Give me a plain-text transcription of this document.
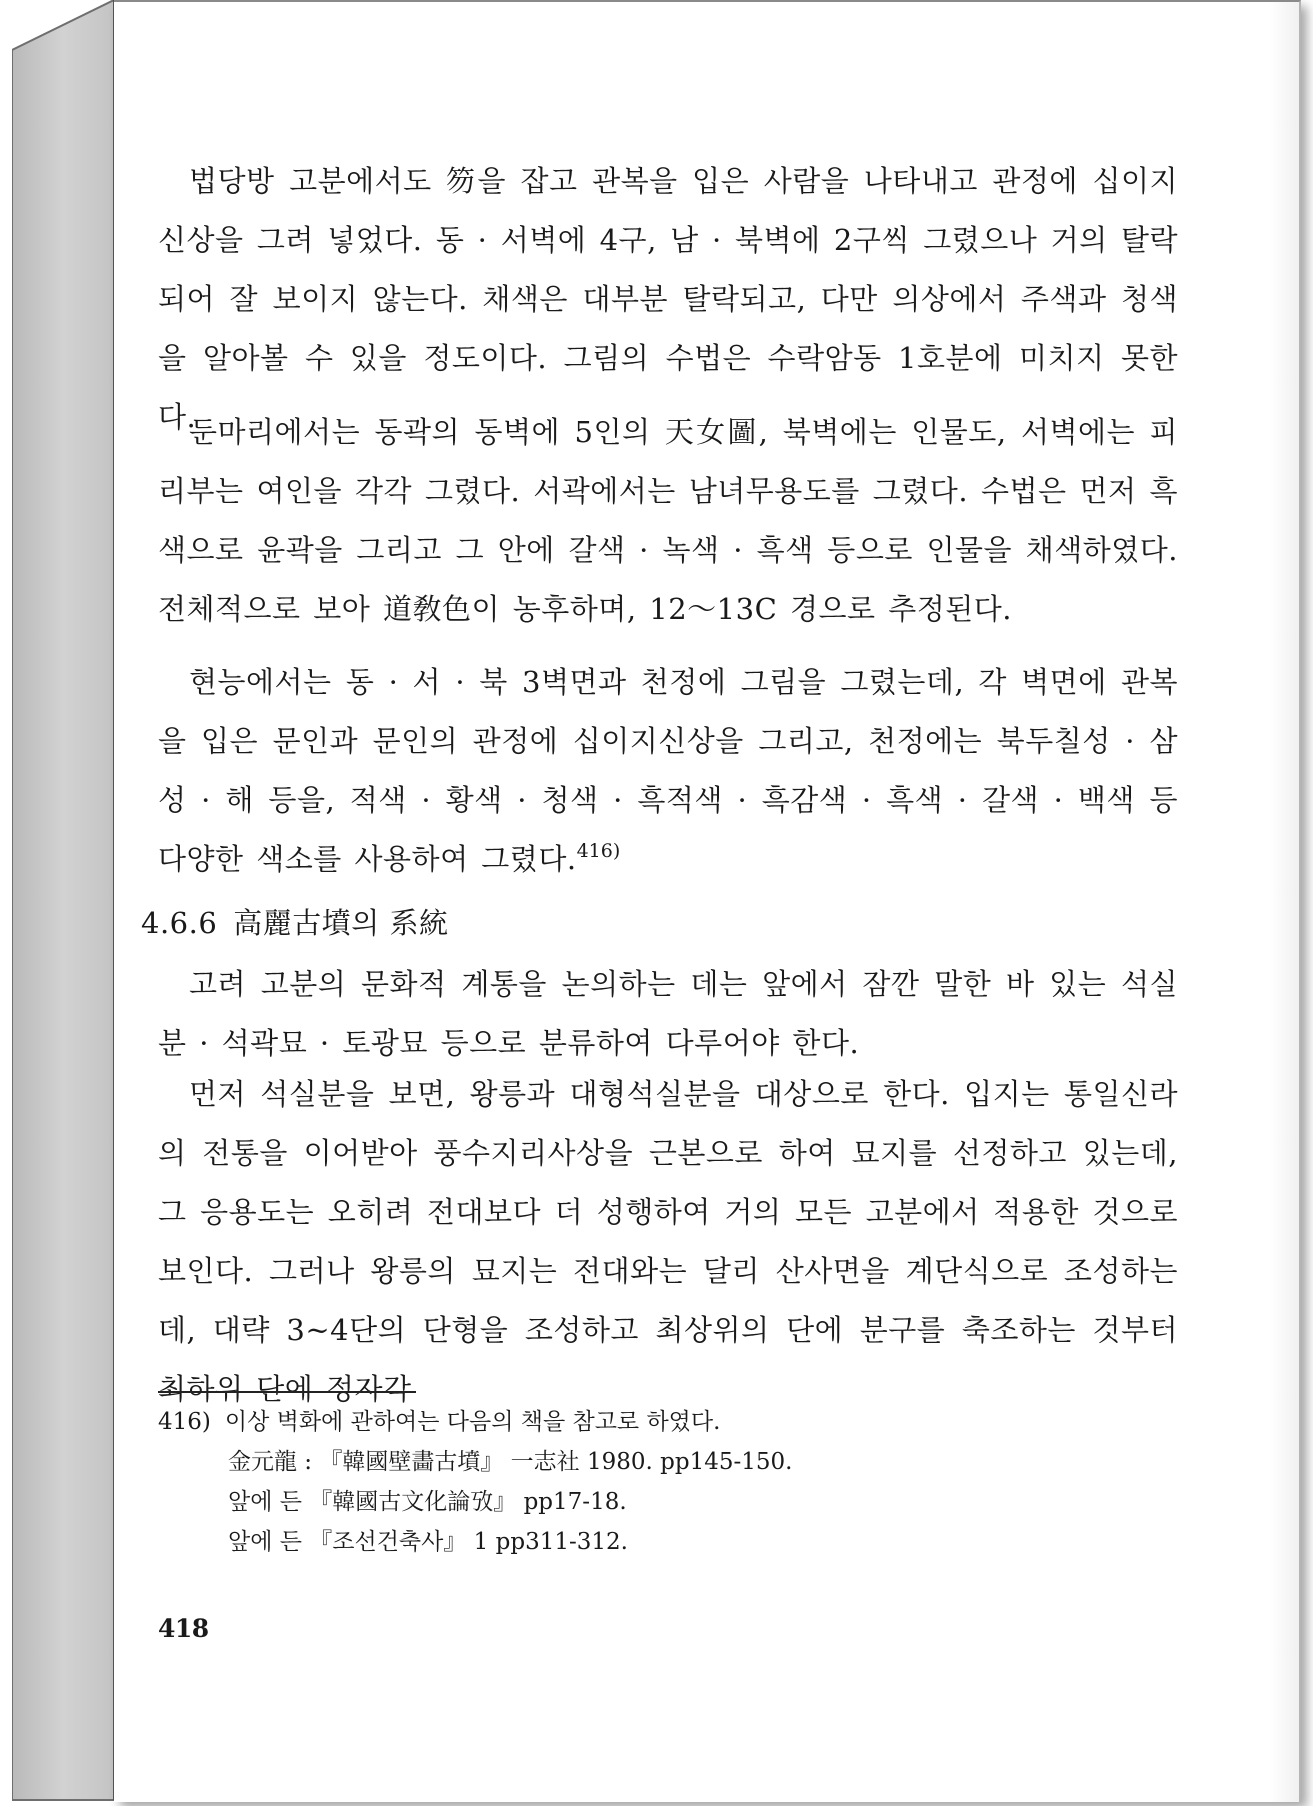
법당방 고분에서도 笏을 잡고 관복을 입은 사람을 나타내고 관정에 십이지신상을 그려 넣었다. 동 · 서벽에 4구, 남 · 북벽에 2구씩 그렸으나 거의 탈락되어 잘 보이지 않는다. 채색은 대부분 탈락되고, 다만 의상에서 주색과 청색을 알아볼 수 있을 정도이다. 그림의 수법은 수락암동 1호분에 미치지 못한다.

둔마리에서는 동곽의 동벽에 5인의 天女圖, 북벽에는 인물도, 서벽에는 피리부는 여인을 각각 그렸다. 서곽에서는 남녀무용도를 그렸다. 수법은 먼저 흑색으로 윤곽을 그리고 그 안에 갈색 · 녹색 · 흑색 등으로 인물을 채색하였다. 전체적으로 보아 道敎色이 농후하며, 12～13C 경으로 추정된다.

현능에서는 동 · 서 · 북 3벽면과 천정에 그림을 그렸는데, 각 벽면에 관복을 입은 문인과 문인의 관정에 십이지신상을 그리고, 천정에는 북두칠성 · 삼성 · 해 등을, 적색 · 황색 · 청색 · 흑적색 · 흑감색 · 흑색 · 갈색 · 백색 등 다양한 색소를 사용하여 그렸다.$^{416)}$

고려 고분의 문화적 계통을 논의하는 데는 앞에서 잠깐 말한 바 있는 석실분 · 석곽묘 · 토광묘 등으로 분류하여 다루어야 한다.

먼저 석실분을 보면, 왕릉과 대형석실분을 대상으로 한다. 입지는 통일신라의 전통을 이어받아 풍수지리사상을 근본으로 하여 묘지를 선정하고 있는데, 그 응용도는 오히려 전대보다 더 성행하여 거의 모든 고분에서 적용한 것으로 보인다. 그러나 왕릉의 묘지는 전대와는 달리 산사면을 계단식으로 조성하는데, 대략 3~4단의 단형을 조성하고 최상위의 단에 분구를 축조하는 것부터 최하위 단에 정자각

4.6.6 高麗古墳의 系統
416) 이상 벽화에 관하여는 다음의 책을 참고로 하였다.
金元龍 : 『韓國壁畵古墳』 一志社 1980. pp145-150.
앞에 든 『韓國古文化論攷』 pp17-18.
앞에 든 『조선건축사』 1 pp311-312.
418
